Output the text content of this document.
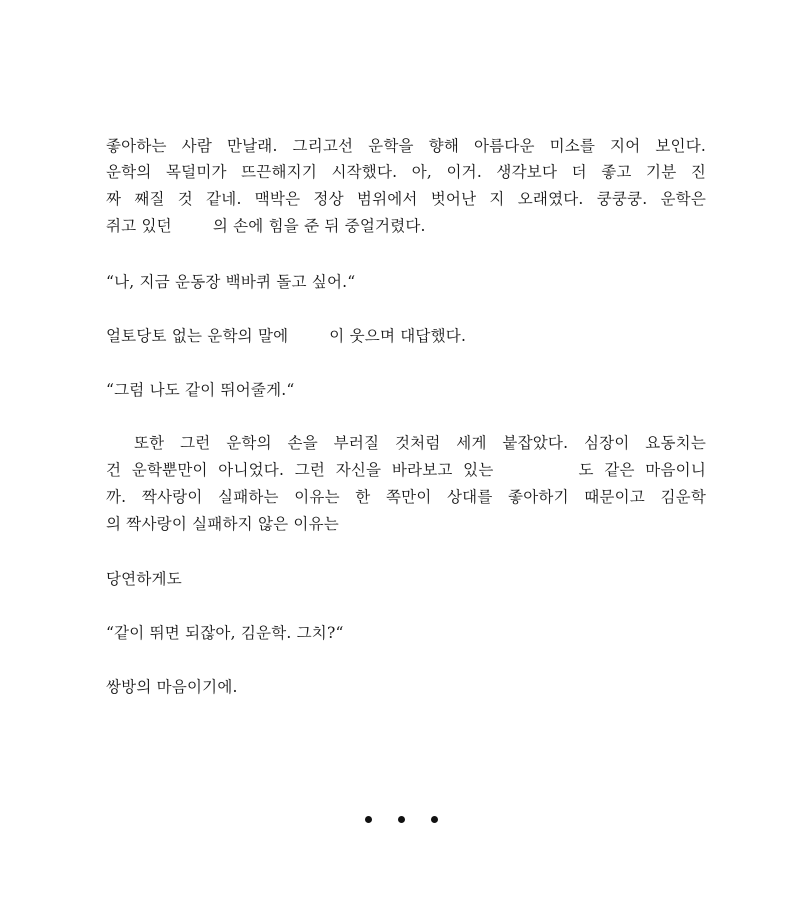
좋아하는 사람 만날래. 그리고선 운학을 향해 아름다운 미소를 지어 보인다.
운학의 목덜미가 뜨끈해지기 시작했다. 아, 이거. 생각보다 더 좋고 기분 진
짜 째질 것 같네. 맥박은 정상 범위에서 벗어난 지 오래였다. 쿵쿵쿵. 운학은
쥐고 있던        의 손에 힘을 준 뒤 중얼거렸다.
“나, 지금 운동장 백바퀴 돌고 싶어.“
얼토당토 없는 운학의 말에        이 웃으며 대답했다.
“그럼 나도 같이 뛰어줄게.“
또한 그런 운학의 손을 부러질 것처럼 세게 붙잡았다. 심장이 요동치는
건 운학뿐만이 아니었다. 그런 자신을 바라보고 있는        도 같은 마음이니
까. 짝사랑이 실패하는 이유는 한 쪽만이 상대를 좋아하기 때문이고 김운학
의 짝사랑이 실패하지 않은 이유는
당연하게도
“같이 뛰면 되잖아, 김운학. 그치?“
쌍방의 마음이기에.
